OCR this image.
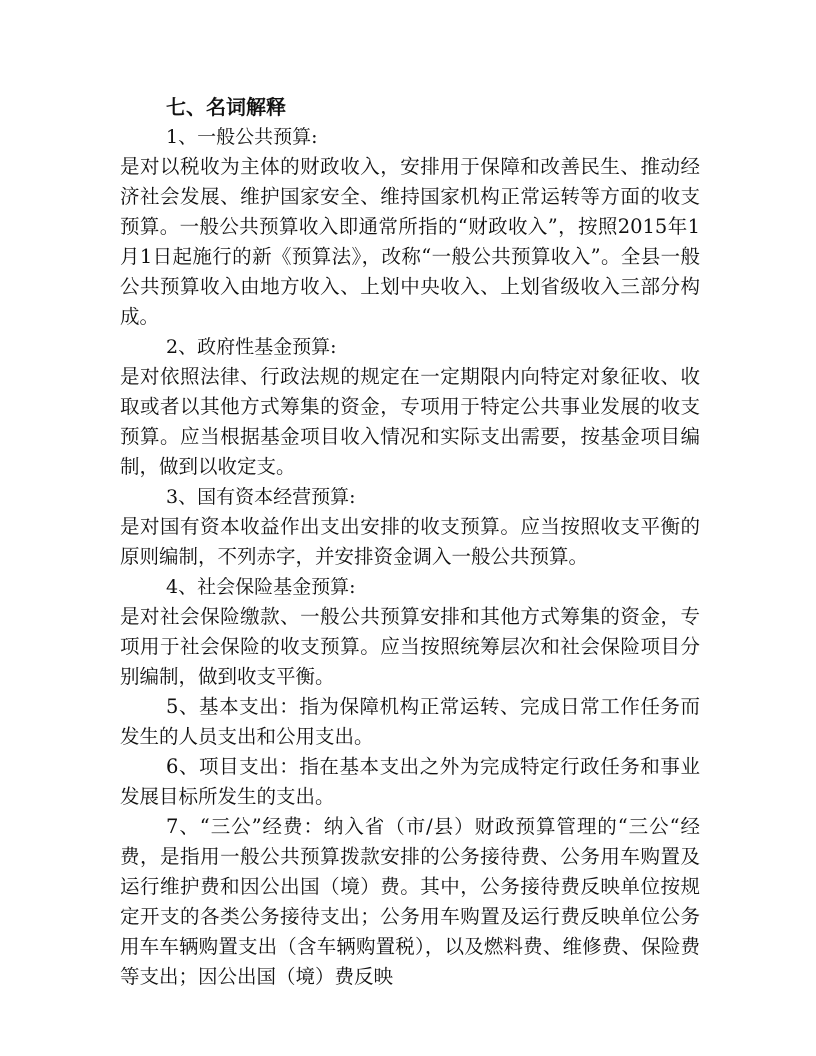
七、名词解释

1、一般公共预算:

是对以税收为主体的财政收入，安排用于保障和改善民生、推动经济社会发展、维护国家安全、维持国家机构正常运转等方面的收支预算。一般公共预算收入即通常所指的“财政收入”，按照2015年1月1日起施行的新《预算法》，改称“一般公共预算收入”。全县一般公共预算收入由地方收入、上划中央收入、上划省级收入三部分构成。

2、政府性基金预算:

是对依照法律、行政法规的规定在一定期限内向特定对象征收、收取或者以其他方式筹集的资金，专项用于特定公共事业发展的收支预算。应当根据基金项目收入情况和实际支出需要，按基金项目编制，做到以收定支。

3、国有资本经营预算:

是对国有资本收益作出支出安排的收支预算。应当按照收支平衡的原则编制，不列赤字，并安排资金调入一般公共预算。

4、社会保险基金预算:

是对社会保险缴款、一般公共预算安排和其他方式筹集的资金，专项用于社会保险的收支预算。应当按照统筹层次和社会保险项目分别编制，做到收支平衡。

5、基本支出：指为保障机构正常运转、完成日常工作任务而发生的人员支出和公用支出。

6、项目支出：指在基本支出之外为完成特定行政任务和事业发展目标所发生的支出。

7、“三公”经费：纳入省（市/县）财政预算管理的“三公“经费，是指用一般公共预算拨款安排的公务接待费、公务用车购置及运行维护费和因公出国（境）费。其中，公务接待费反映单位按规定开支的各类公务接待支出；公务用车购置及运行费反映单位公务用车车辆购置支出（含车辆购置税），以及燃料费、维修费、保险费等支出；因公出国（境）费反映
